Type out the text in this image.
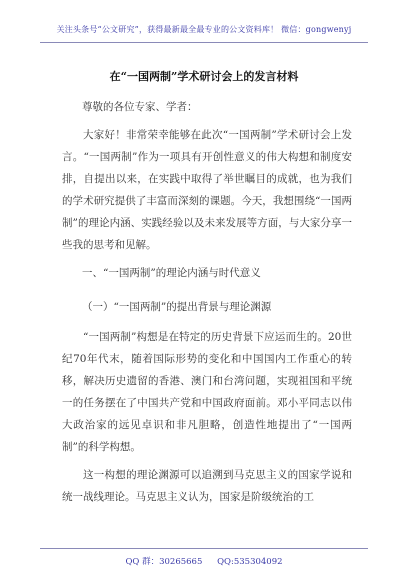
关注头条号“公文研究”，获得最新最全最专业的公文资料库！ 微信：gongwenyj
在“一国两制”学术研讨会上的发言材料
尊敬的各位专家、学者：
大家好！非常荣幸能够在此次“一国两制”学术研讨会上发言。“一国两制”作为一项具有开创性意义的伟大构想和制度安排，自提出以来，在实践中取得了举世瞩目的成就，也为我们的学术研究提供了丰富而深刻的课题。今天，我想围绕“一国两制”的理论内涵、实践经验以及未来发展等方面，与大家分享一些我的思考和见解。
一、“一国两制”的理论内涵与时代意义
（一）“一国两制”的提出背景与理论渊源
“一国两制”构想是在特定的历史背景下应运而生的。20世纪70年代末，随着国际形势的变化和中国国内工作重心的转移，解决历史遗留的香港、澳门和台湾问题，实现祖国和平统一的任务摆在了中国共产党和中国政府面前。邓小平同志以伟大政治家的远见卓识和非凡胆略，创造性地提出了“一国两制”的科学构想。
这一构想的理论渊源可以追溯到马克思主义的国家学说和统一战线理论。马克思主义认为，国家是阶级统治的工
QQ 群：30265665 QQ:535304092
